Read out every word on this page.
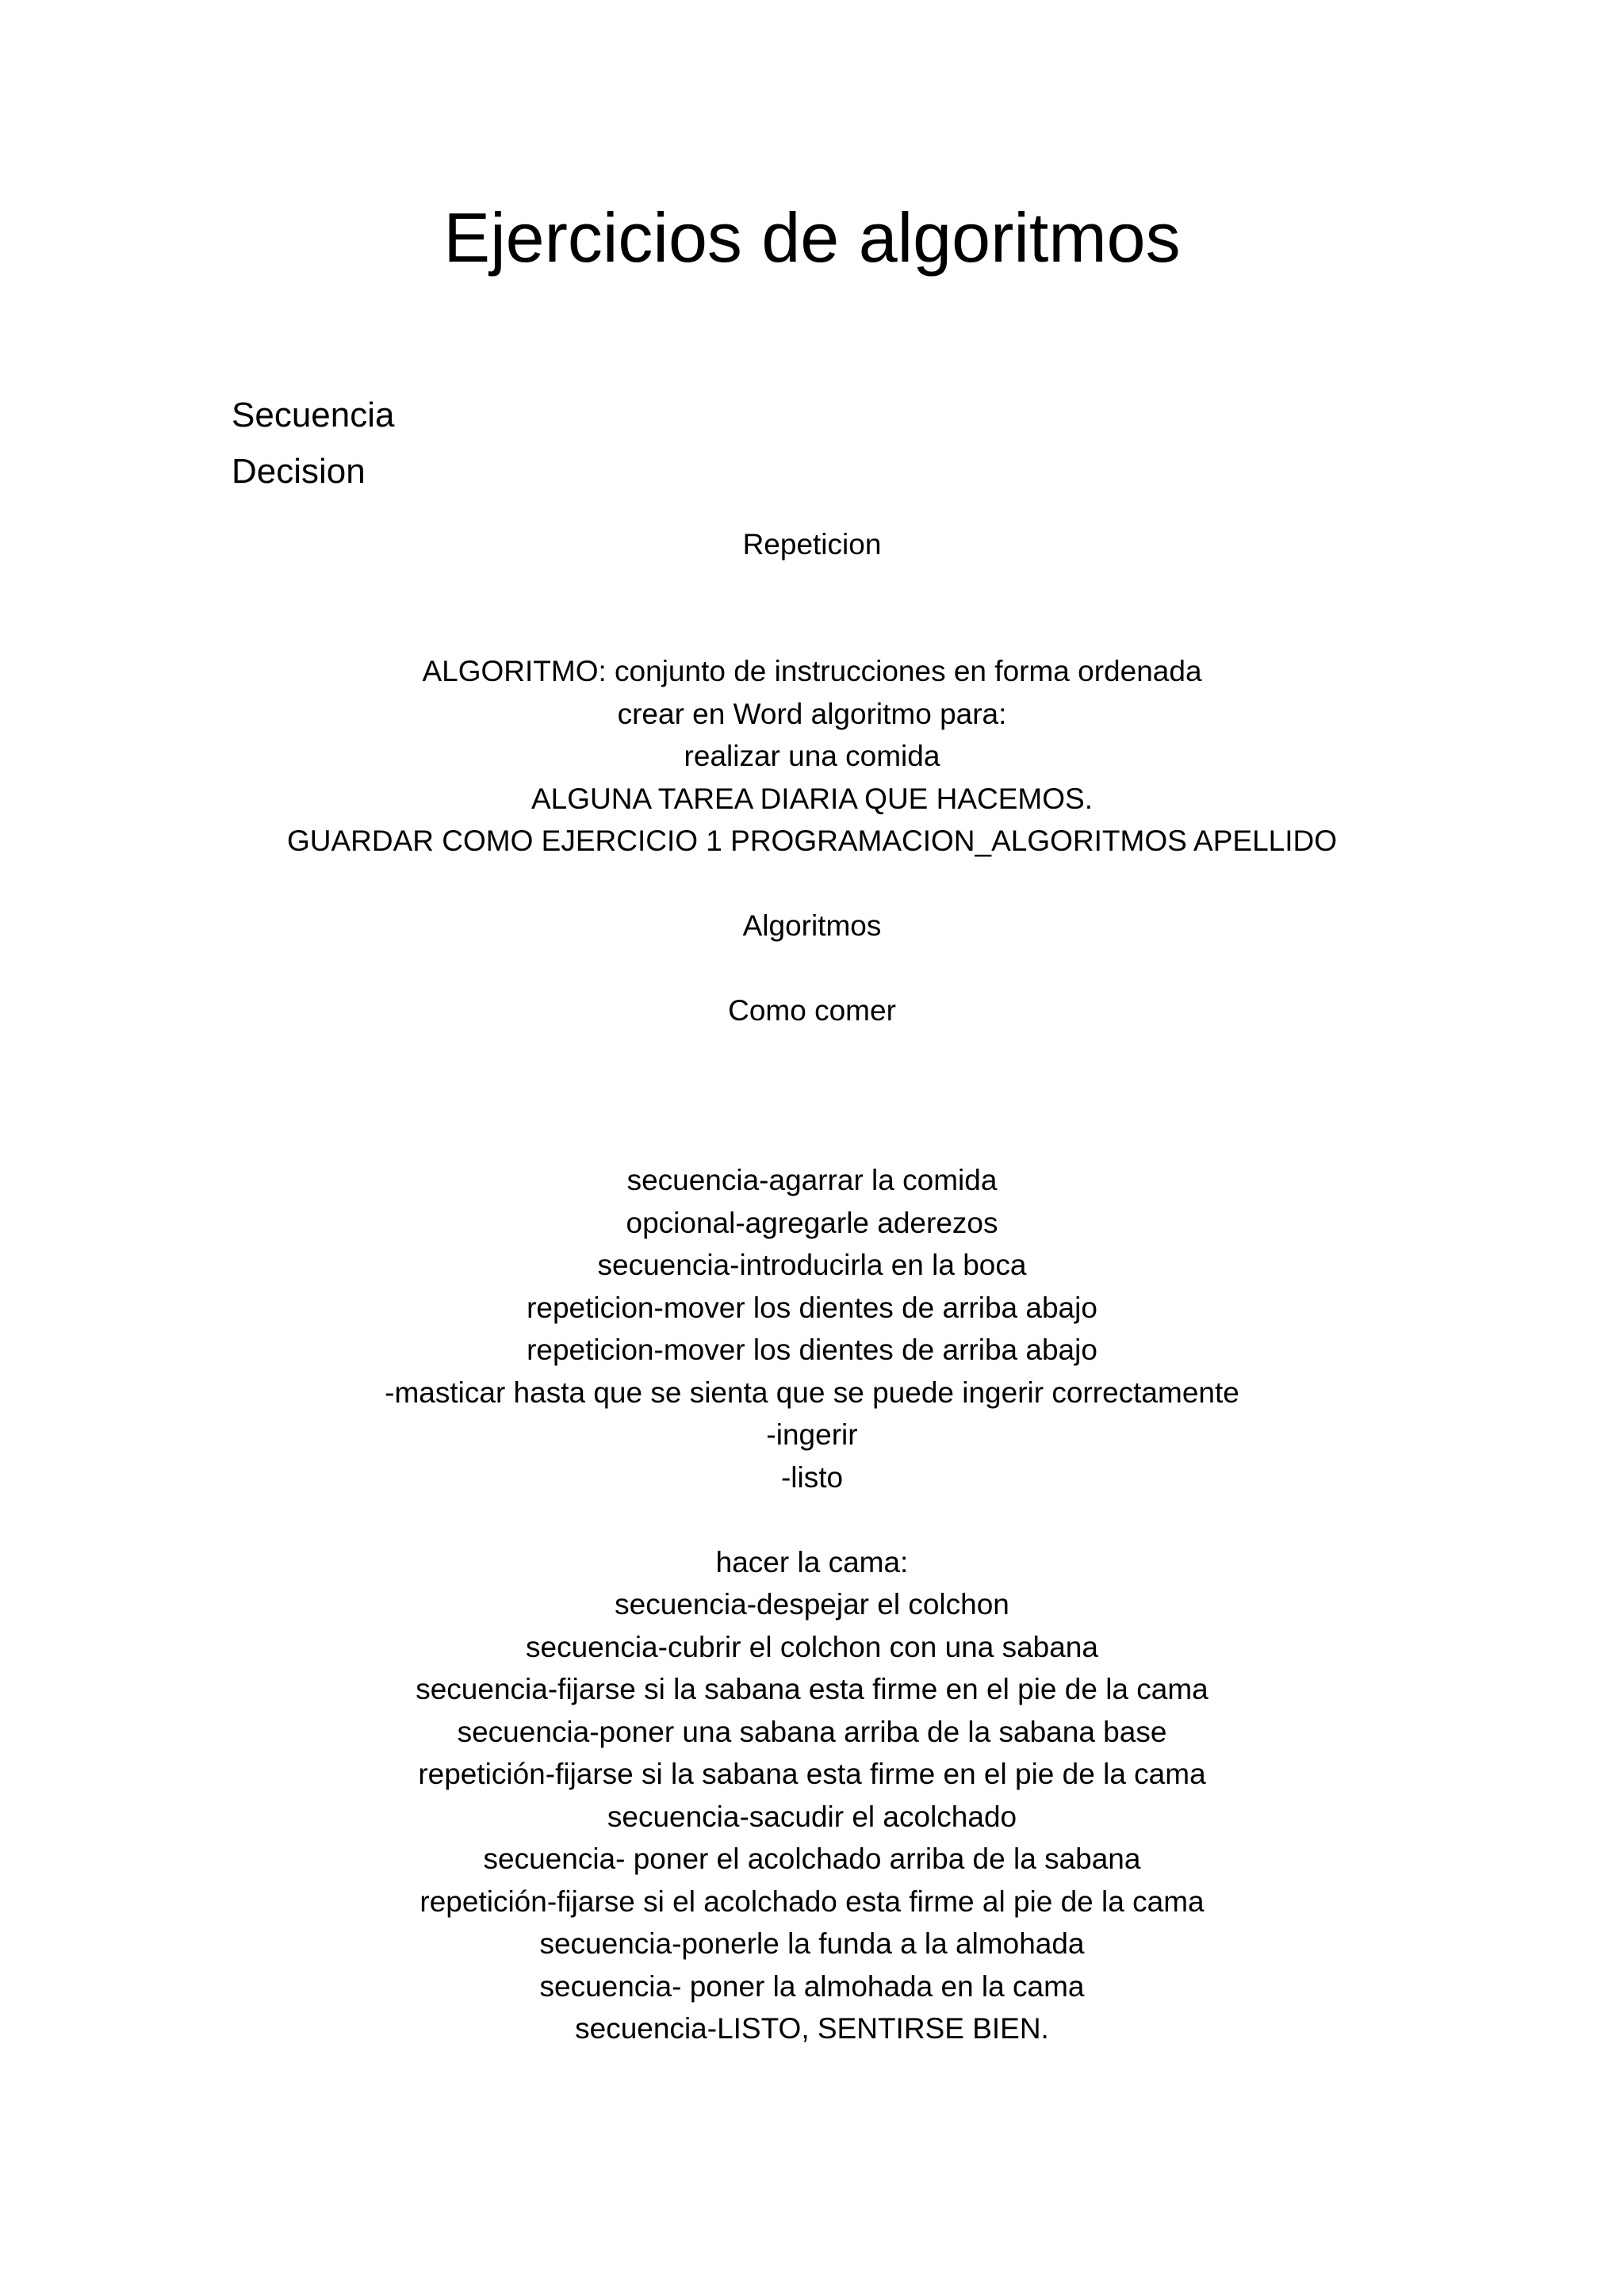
Ejercicios de algoritmos
Secuencia
Decision
Repeticion
ALGORITMO: conjunto de instrucciones en forma ordenada
crear en Word algoritmo para:
realizar una comida
ALGUNA TAREA DIARIA QUE HACEMOS.
GUARDAR COMO EJERCICIO 1 PROGRAMACION_ALGORITMOS APELLIDO
Algoritmos
Como comer
secuencia-agarrar la comida
opcional-agregarle aderezos
secuencia-introducirla en la boca
repeticion-mover los dientes de arriba abajo
repeticion-mover los dientes de arriba abajo
-masticar hasta que se sienta que se puede ingerir correctamente
-ingerir
-listo
hacer la cama:
secuencia-despejar el colchon
secuencia-cubrir el colchon con una sabana
secuencia-fijarse si la sabana esta firme en el pie de la cama
secuencia-poner una sabana arriba de la sabana base
repetición-fijarse si la sabana esta firme en el pie de la cama
secuencia-sacudir el acolchado
secuencia- poner el acolchado arriba de la sabana
repetición-fijarse si el acolchado esta firme al pie de la cama
secuencia-ponerle la funda a la almohada
secuencia- poner la almohada en la cama
secuencia-LISTO, SENTIRSE BIEN.
